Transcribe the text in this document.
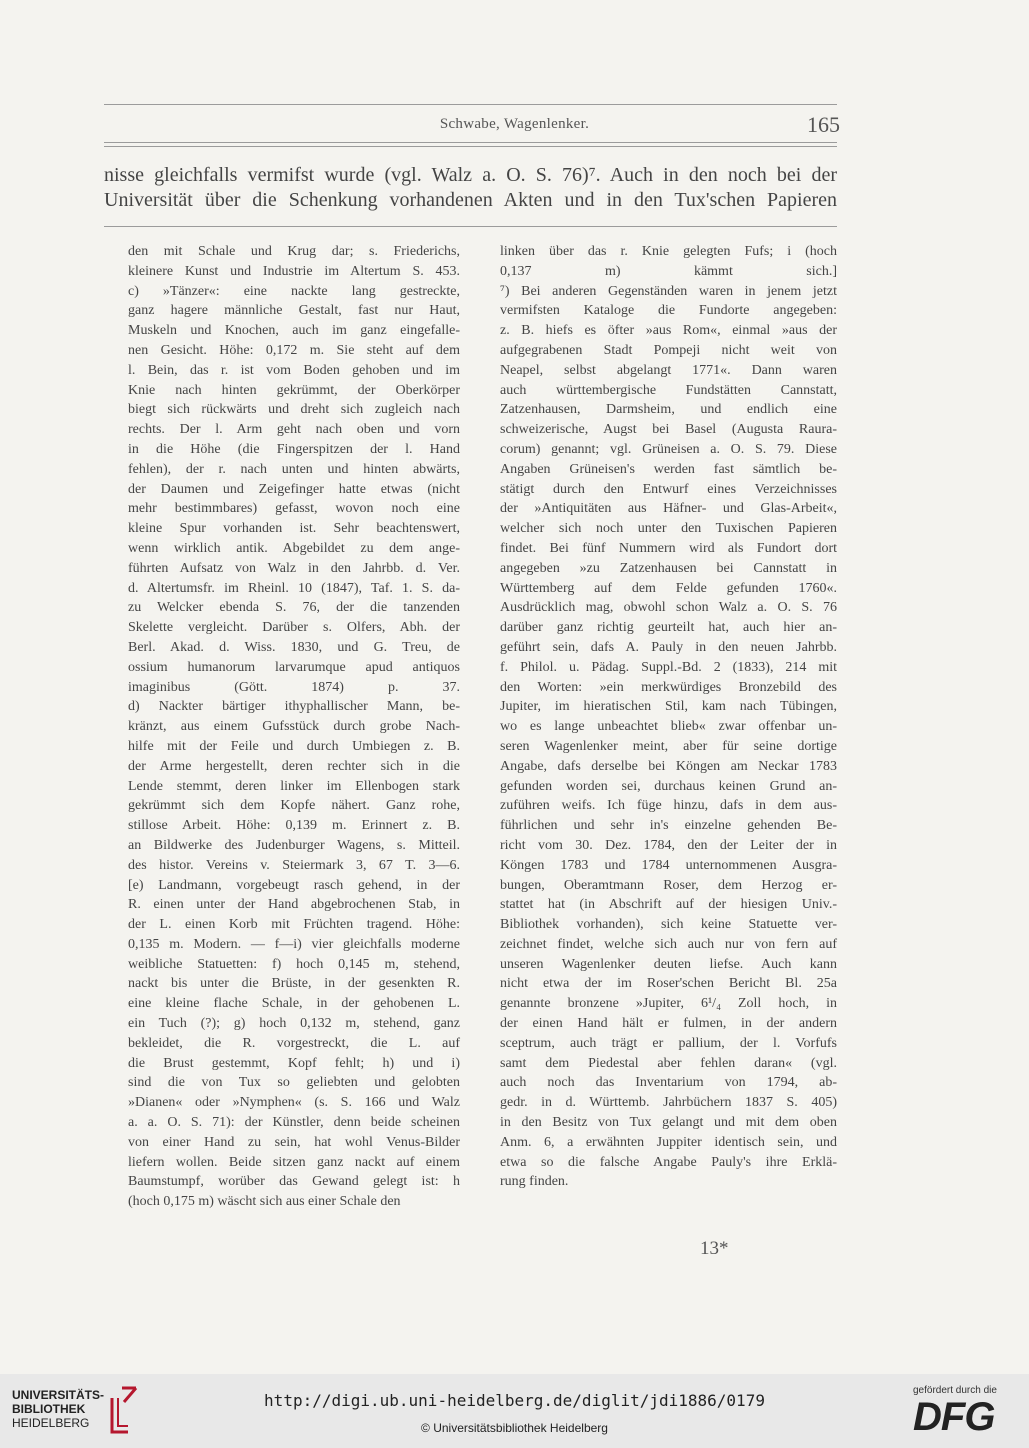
Schwabe, Wagenlenker.	165
nisse gleichfalls vermifst wurde (vgl. Walz a. O. S. 76)⁷. Auch in den noch bei der
Universität über die Schenkung vorhandenen Akten und in den Tux'schen Papieren
den mit Schale und Krug dar; s. Friederichs,
kleinere Kunst und Industrie im Altertum S. 453.
c) »Tänzer«: eine nackte lang gestreckte,
ganz hagere männliche Gestalt, fast nur Haut,
Muskeln und Knochen, auch im ganz eingefalle-
nen Gesicht. Höhe: 0,172 m. Sie steht auf dem
l. Bein, das r. ist vom Boden gehoben und im
Knie nach hinten gekrümmt, der Oberkörper
biegt sich rückwärts und dreht sich zugleich nach
rechts. Der l. Arm geht nach oben und vorn
in die Höhe (die Fingerspitzen der l. Hand
fehlen), der r. nach unten und hinten abwärts,
der Daumen und Zeigefinger hatte etwas (nicht
mehr bestimmbares) gefasst, wovon noch eine
kleine Spur vorhanden ist. Sehr beachtenswert,
wenn wirklich antik. Abgebildet zu dem ange-
führten Aufsatz von Walz in den Jahrbb. d. Ver.
d. Altertumsfr. im Rheinl. 10 (1847), Taf. 1. S. da-
zu Welcker ebenda S. 76, der die tanzenden
Skelette vergleicht. Darüber s. Olfers, Abh. der
Berl. Akad. d. Wiss. 1830, und G. Treu, de
ossium humanorum larvarumque apud antiquos
imaginibus (Gött. 1874) p. 37.
d) Nackter bärtiger ithyphallischer Mann, be-
kränzt, aus einem Gufsstück durch grobe Nach-
hilfe mit der Feile und durch Umbiegen z. B.
der Arme hergestellt, deren rechter sich in die
Lende stemmt, deren linker im Ellenbogen stark
gekrümmt sich dem Kopfe nähert. Ganz rohe,
stillose Arbeit. Höhe: 0,139 m. Erinnert z. B.
an Bildwerke des Judenburger Wagens, s. Mitteil.
des histor. Vereins v. Steiermark 3, 67 T. 3—6.
[e) Landmann, vorgebeugt rasch gehend, in der
R. einen unter der Hand abgebrochenen Stab, in
der L. einen Korb mit Früchten tragend. Höhe:
0,135 m. Modern. — f—i) vier gleichfalls moderne
weibliche Statuetten: f) hoch 0,145 m, stehend,
nackt bis unter die Brüste, in der gesenkten R.
eine kleine flache Schale, in der gehobenen L.
ein Tuch (?); g) hoch 0,132 m, stehend, ganz
bekleidet, die R. vorgestreckt, die L. auf
die Brust gestemmt, Kopf fehlt; h) und i)
sind die von Tux so geliebten und gelobten
»Dianen« oder »Nymphen« (s. S. 166 und Walz
a. a. O. S. 71): der Künstler, denn beide scheinen
von einer Hand zu sein, hat wohl Venus-Bilder
liefern wollen. Beide sitzen ganz nackt auf einem
Baumstumpf, worüber das Gewand gelegt ist: h
(hoch 0,175 m) wäscht sich aus einer Schale den
linken über das r. Knie gelegten Fufs; i (hoch
0,137 m) kämmt sich.]
⁷) Bei anderen Gegenständen waren in jenem jetzt
vermifsten Kataloge die Fundorte angegeben:
z. B. hiefs es öfter »aus Rom«, einmal »aus der
aufgegrabenen Stadt Pompeji nicht weit von
Neapel, selbst abgelangt 1771«. Dann waren
auch württembergische Fundstätten Cannstatt,
Zatzenhausen, Darmsheim, und endlich eine
schweizerische, Augst bei Basel (Augusta Raura-
corum) genannt; vgl. Grüneisen a. O. S. 79. Diese
Angaben Grüneisen's werden fast sämtlich be-
stätigt durch den Entwurf eines Verzeichnisses
der »Antiquitäten aus Häfner- und Glas-Arbeit«,
welcher sich noch unter den Tuxischen Papieren
findet. Bei fünf Nummern wird als Fundort dort
angegeben »zu Zatzenhausen bei Cannstatt in
Württemberg auf dem Felde gefunden 1760«.
Ausdrücklich mag, obwohl schon Walz a. O. S. 76
darüber ganz richtig geurteilt hat, auch hier an-
geführt sein, dafs A. Pauly in den neuen Jahrbb.
f. Philol. u. Pädag. Suppl.-Bd. 2 (1833), 214 mit
den Worten: »ein merkwürdiges Bronzebild des
Jupiter, im hieratischen Stil, kam nach Tübingen,
wo es lange unbeachtet blieb« zwar offenbar un-
seren Wagenlenker meint, aber für seine dortige
Angabe, dafs derselbe bei Köngen am Neckar 1783
gefunden worden sei, durchaus keinen Grund an-
zuführen weifs. Ich füge hinzu, dafs in dem aus-
führlichen und sehr in's einzelne gehenden Be-
richt vom 30. Dez. 1784, den der Leiter der in
Köngen 1783 und 1784 unternommenen Ausgra-
bungen, Oberamtmann Roser, dem Herzog er-
stattet hat (in Abschrift auf der hiesigen Univ.-
Bibliothek vorhanden), sich keine Statuette ver-
zeichnet findet, welche sich auch nur von fern auf
unseren Wagenlenker deuten liefse. Auch kann
nicht etwa der im Roser'schen Bericht Bl. 25a
genannte bronzene »Jupiter, 6¹/₄ Zoll hoch, in
der einen Hand hält er fulmen, in der andern
sceptrum, auch trägt er pallium, der l. Vorfufs
samt dem Piedestal aber fehlen daran« (vgl.
auch noch das Inventarium von 1794, ab-
gedr. in d. Württemb. Jahrbüchern 1837 S. 405)
in den Besitz von Tux gelangt und mit dem oben
Anm. 6, a erwähnten Juppiter identisch sein, und
etwa so die falsche Angabe Pauly's ihre Erklä-
rung finden.
13*
UNIVERSITÄTS-
BIBLIOTHEK
HEIDELBERG
http://digi.ub.uni-heidelberg.de/diglit/jdi1886/0179
© Universitätsbibliothek Heidelberg
gefördert durch die
DFG
